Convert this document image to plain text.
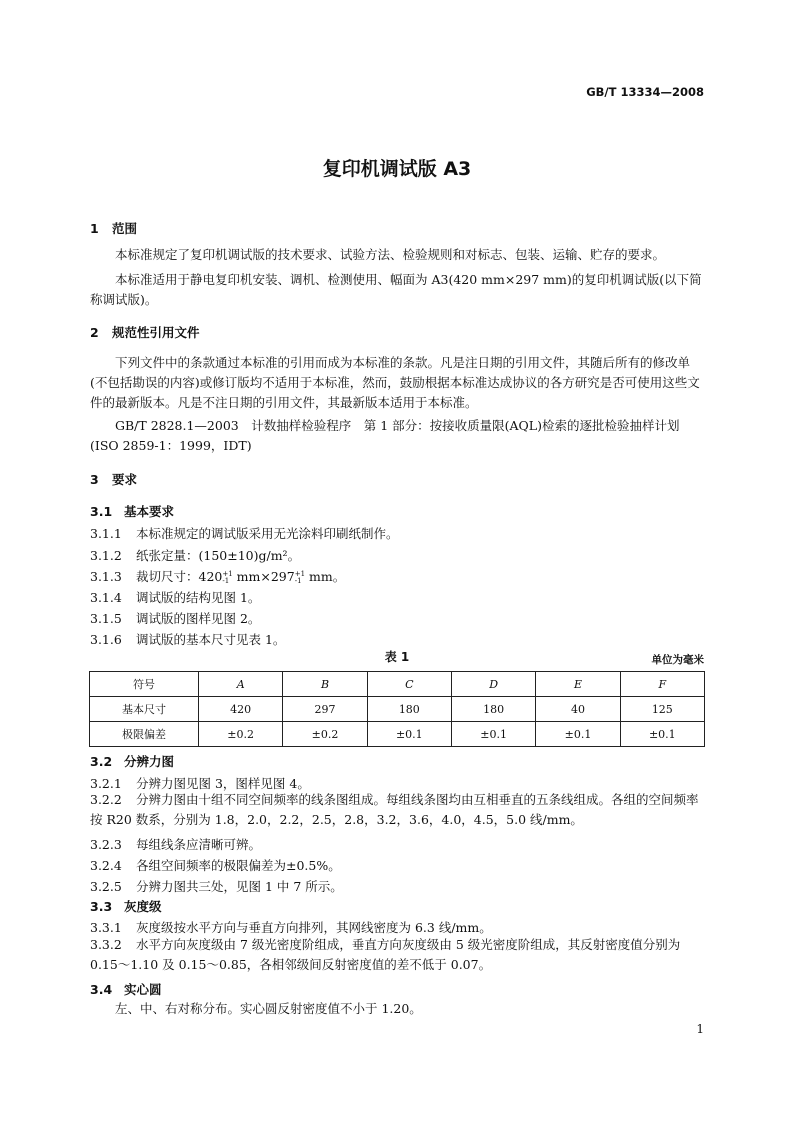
GB/T 13334—2008
复印机调试版 A3
1 范围
本标准规定了复印机调试版的技术要求、试验方法、检验规则和对标志、包装、运输、贮存的要求。
本标准适用于静电复印机安装、调机、检测使用、幅面为 A3(420 mm×297 mm)的复印机调试版(以下简称调试版)。
2 规范性引用文件
下列文件中的条款通过本标准的引用而成为本标准的条款。凡是注日期的引用文件，其随后所有的修改单(不包括勘误的内容)或修订版均不适用于本标准，然而，鼓励根据本标准达成协议的各方研究是否可使用这些文件的最新版本。凡是不注日期的引用文件，其最新版本适用于本标准。
GB/T 2828.1—2003　计数抽样检验程序　第 1 部分：按接收质量限(AQL)检索的逐批检验抽样计划(ISO 2859-1：1999，IDT)
3 要求
3.1 基本要求
3.1.1 本标准规定的调试版采用无光涂料印刷纸制作。
3.1.2 纸张定量：(150±10)g/m²。
3.1.3 裁切尺寸：420 +1
-1 mm×297 +1
-1 mm。
3.1.4 调试版的结构见图 1。
3.1.5 调试版的图样见图 2。
3.1.6 调试版的基本尺寸见表 1。
表 1	单位为毫米
符号	A	B	C	D	E	F
基本尺寸	420	297	180	180	40	125
极限偏差	±0.2	±0.2	±0.1	±0.1	±0.1	±0.1
3.2 分辨力图
3.2.1 分辨力图见图 3，图样见图 4。
3.2.2 分辨力图由十组不同空间频率的线条图组成。每组线条图均由互相垂直的五条线组成。各组的空间频率按 R20 数系，分别为 1.8，2.0，2.2，2.5，2.8，3.2，3.6，4.0，4.5，5.0 线/mm。
3.2.3 每组线条应清晰可辨。
3.2.4 各组空间频率的极限偏差为±0.5%。
3.2.5 分辨力图共三处，见图 1 中 7 所示。
3.3 灰度级
3.3.1 灰度级按水平方向与垂直方向排列，其网线密度为 6.3 线/mm。
3.3.2 水平方向灰度级由 7 级光密度阶组成，垂直方向灰度级由 5 级光密度阶组成，其反射密度值分别为 0.15～1.10 及 0.15～0.85，各相邻级间反射密度值的差不低于 0.07。
3.4 实心圆
左、中、右对称分布。实心圆反射密度值不小于 1.20。
1
